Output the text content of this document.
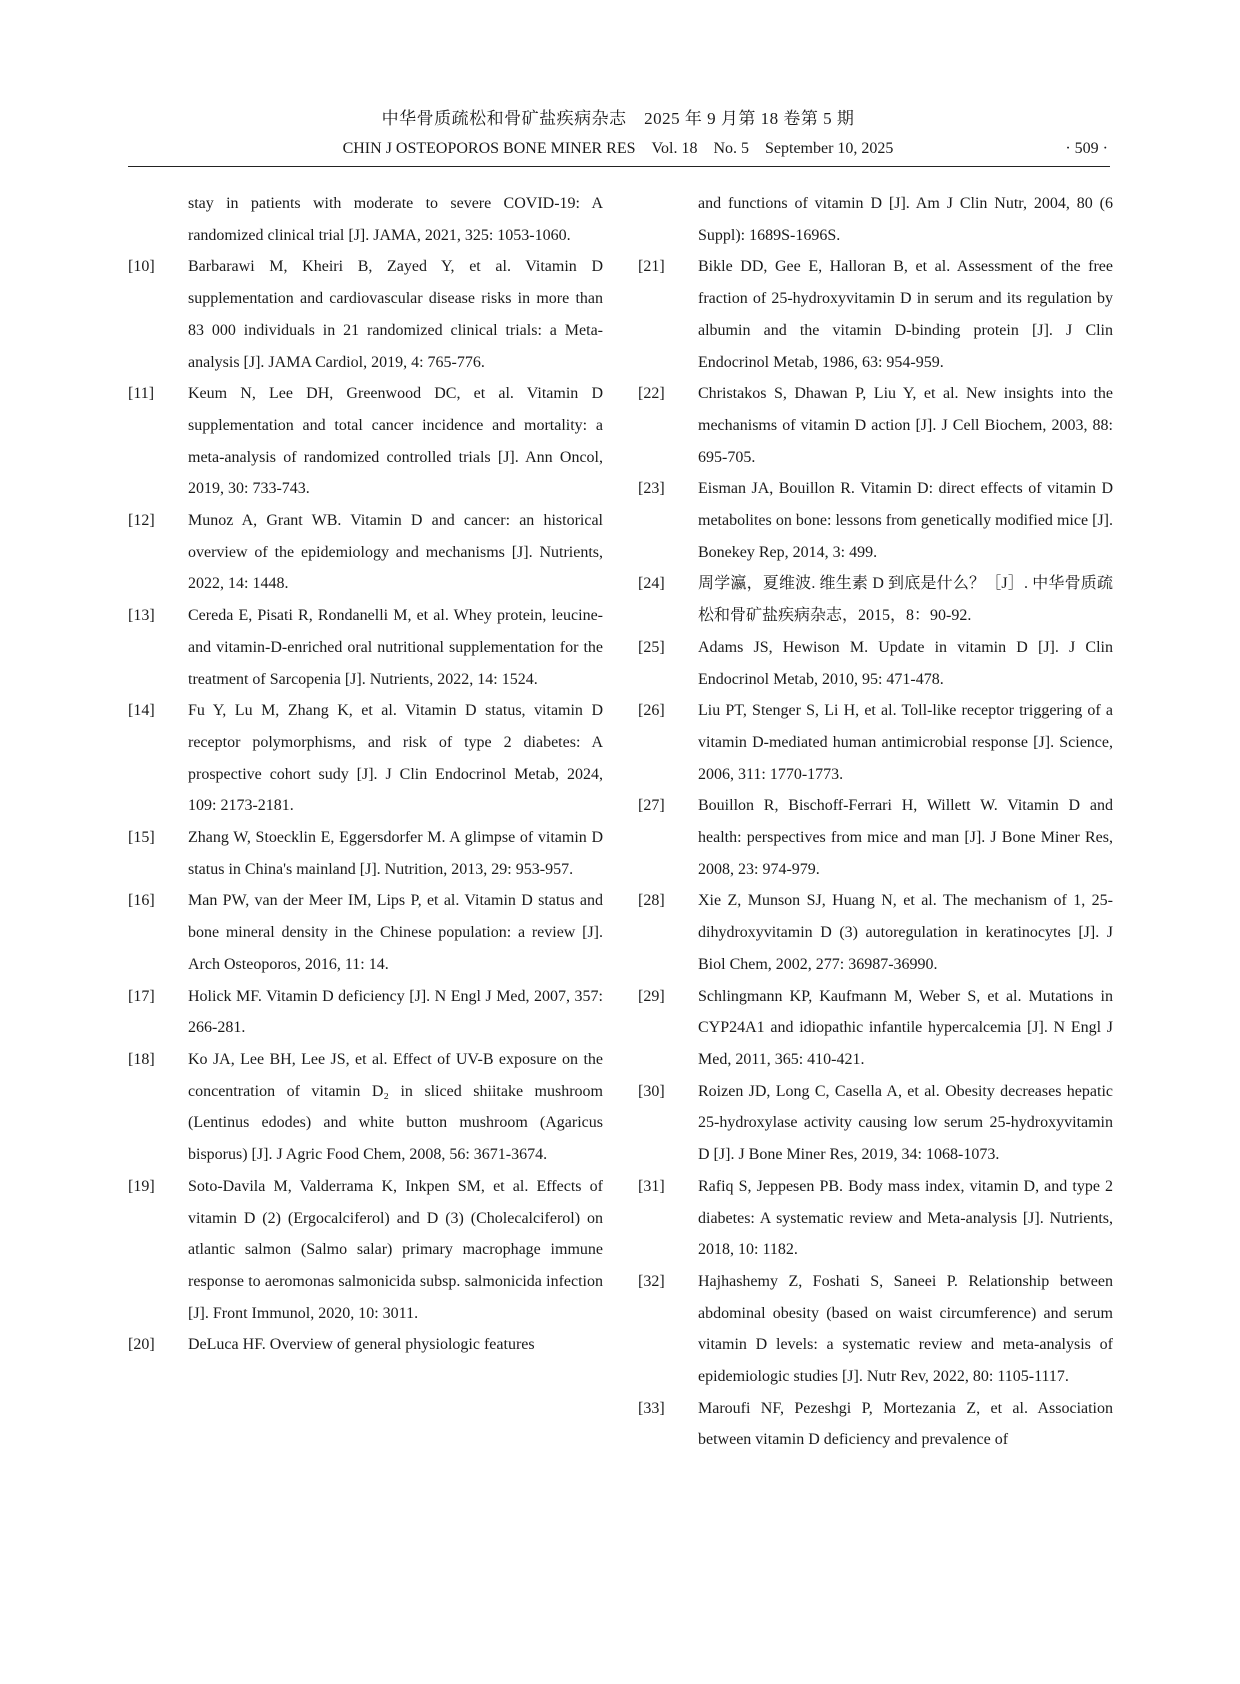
中华骨质疏松和骨矿盐疾病杂志　2025 年 9 月第 18 卷第 5 期
CHIN J OSTEOPOROS BONE MINER RES　Vol. 18　No. 5　September 10, 2025	· 509 ·
stay in patients with moderate to severe COVID-19: A randomized clinical trial [J]. JAMA, 2021, 325: 1053-1060.
[10]	Barbarawi M, Kheiri B, Zayed Y, et al. Vitamin D supplementation and cardiovascular disease risks in more than 83 000 individuals in 21 randomized clinical trials: a Meta-analysis [J]. JAMA Cardiol, 2019, 4: 765-776.
[11]	Keum N, Lee DH, Greenwood DC, et al. Vitamin D supplementation and total cancer incidence and mortality: a meta-analysis of randomized controlled trials [J]. Ann Oncol, 2019, 30: 733-743.
[12]	Munoz A, Grant WB. Vitamin D and cancer: an historical overview of the epidemiology and mechanisms [J]. Nutrients, 2022, 14: 1448.
[13]	Cereda E, Pisati R, Rondanelli M, et al. Whey protein, leucine- and vitamin-D-enriched oral nutritional supplementation for the treatment of Sarcopenia [J]. Nutrients, 2022, 14: 1524.
[14]	Fu Y, Lu M, Zhang K, et al. Vitamin D status, vitamin D receptor polymorphisms, and risk of type 2 diabetes: A prospective cohort sudy [J]. J Clin Endocrinol Metab, 2024, 109: 2173-2181.
[15]	Zhang W, Stoecklin E, Eggersdorfer M. A glimpse of vitamin D status in China's mainland [J]. Nutrition, 2013, 29: 953-957.
[16]	Man PW, van der Meer IM, Lips P, et al. Vitamin D status and bone mineral density in the Chinese population: a review [J]. Arch Osteoporos, 2016, 11: 14.
[17]	Holick MF. Vitamin D deficiency [J]. N Engl J Med, 2007, 357: 266-281.
[18]	Ko JA, Lee BH, Lee JS, et al. Effect of UV-B exposure on the concentration of vitamin D₂ in sliced shiitake mushroom (Lentinus edodes) and white button mushroom (Agaricus bisporus) [J]. J Agric Food Chem, 2008, 56: 3671-3674.
[19]	Soto-Davila M, Valderrama K, Inkpen SM, et al. Effects of vitamin D (2) (Ergocalciferol) and D (3) (Cholecalciferol) on atlantic salmon (Salmo salar) primary macrophage immune response to aeromonas salmonicida subsp. salmonicida infection [J]. Front Immunol, 2020, 10: 3011.
[20]	DeLuca HF. Overview of general physiologic features
and functions of vitamin D [J]. Am J Clin Nutr, 2004, 80 (6 Suppl): 1689S-1696S.
[21]	Bikle DD, Gee E, Halloran B, et al. Assessment of the free fraction of 25-hydroxyvitamin D in serum and its regulation by albumin and the vitamin D-binding protein [J]. J Clin Endocrinol Metab, 1986, 63: 954-959.
[22]	Christakos S, Dhawan P, Liu Y, et al. New insights into the mechanisms of vitamin D action [J]. J Cell Biochem, 2003, 88: 695-705.
[23]	Eisman JA, Bouillon R. Vitamin D: direct effects of vitamin D metabolites on bone: lessons from genetically modified mice [J]. Bonekey Rep, 2014, 3: 499.
[24]	周学瀛，夏维波. 维生素 D 到底是什么？［J］. 中华骨质疏松和骨矿盐疾病杂志，2015，8：90-92.
[25]	Adams JS, Hewison M. Update in vitamin D [J]. J Clin Endocrinol Metab, 2010, 95: 471-478.
[26]	Liu PT, Stenger S, Li H, et al. Toll-like receptor triggering of a vitamin D-mediated human antimicrobial response [J]. Science, 2006, 311: 1770-1773.
[27]	Bouillon R, Bischoff-Ferrari H, Willett W. Vitamin D and health: perspectives from mice and man [J]. J Bone Miner Res, 2008, 23: 974-979.
[28]	Xie Z, Munson SJ, Huang N, et al. The mechanism of 1, 25-dihydroxyvitamin D (3) autoregulation in keratinocytes [J]. J Biol Chem, 2002, 277: 36987-36990.
[29]	Schlingmann KP, Kaufmann M, Weber S, et al. Mutations in CYP24A1 and idiopathic infantile hypercalcemia [J]. N Engl J Med, 2011, 365: 410-421.
[30]	Roizen JD, Long C, Casella A, et al. Obesity decreases hepatic 25-hydroxylase activity causing low serum 25-hydroxyvitamin D [J]. J Bone Miner Res, 2019, 34: 1068-1073.
[31]	Rafiq S, Jeppesen PB. Body mass index, vitamin D, and type 2 diabetes: A systematic review and Meta-analysis [J]. Nutrients, 2018, 10: 1182.
[32]	Hajhashemy Z, Foshati S, Saneei P. Relationship between abdominal obesity (based on waist circumference) and serum vitamin D levels: a systematic review and meta-analysis of epidemiologic studies [J]. Nutr Rev, 2022, 80: 1105-1117.
[33]	Maroufi NF, Pezeshgi P, Mortezania Z, et al. Association between vitamin D deficiency and prevalence of
